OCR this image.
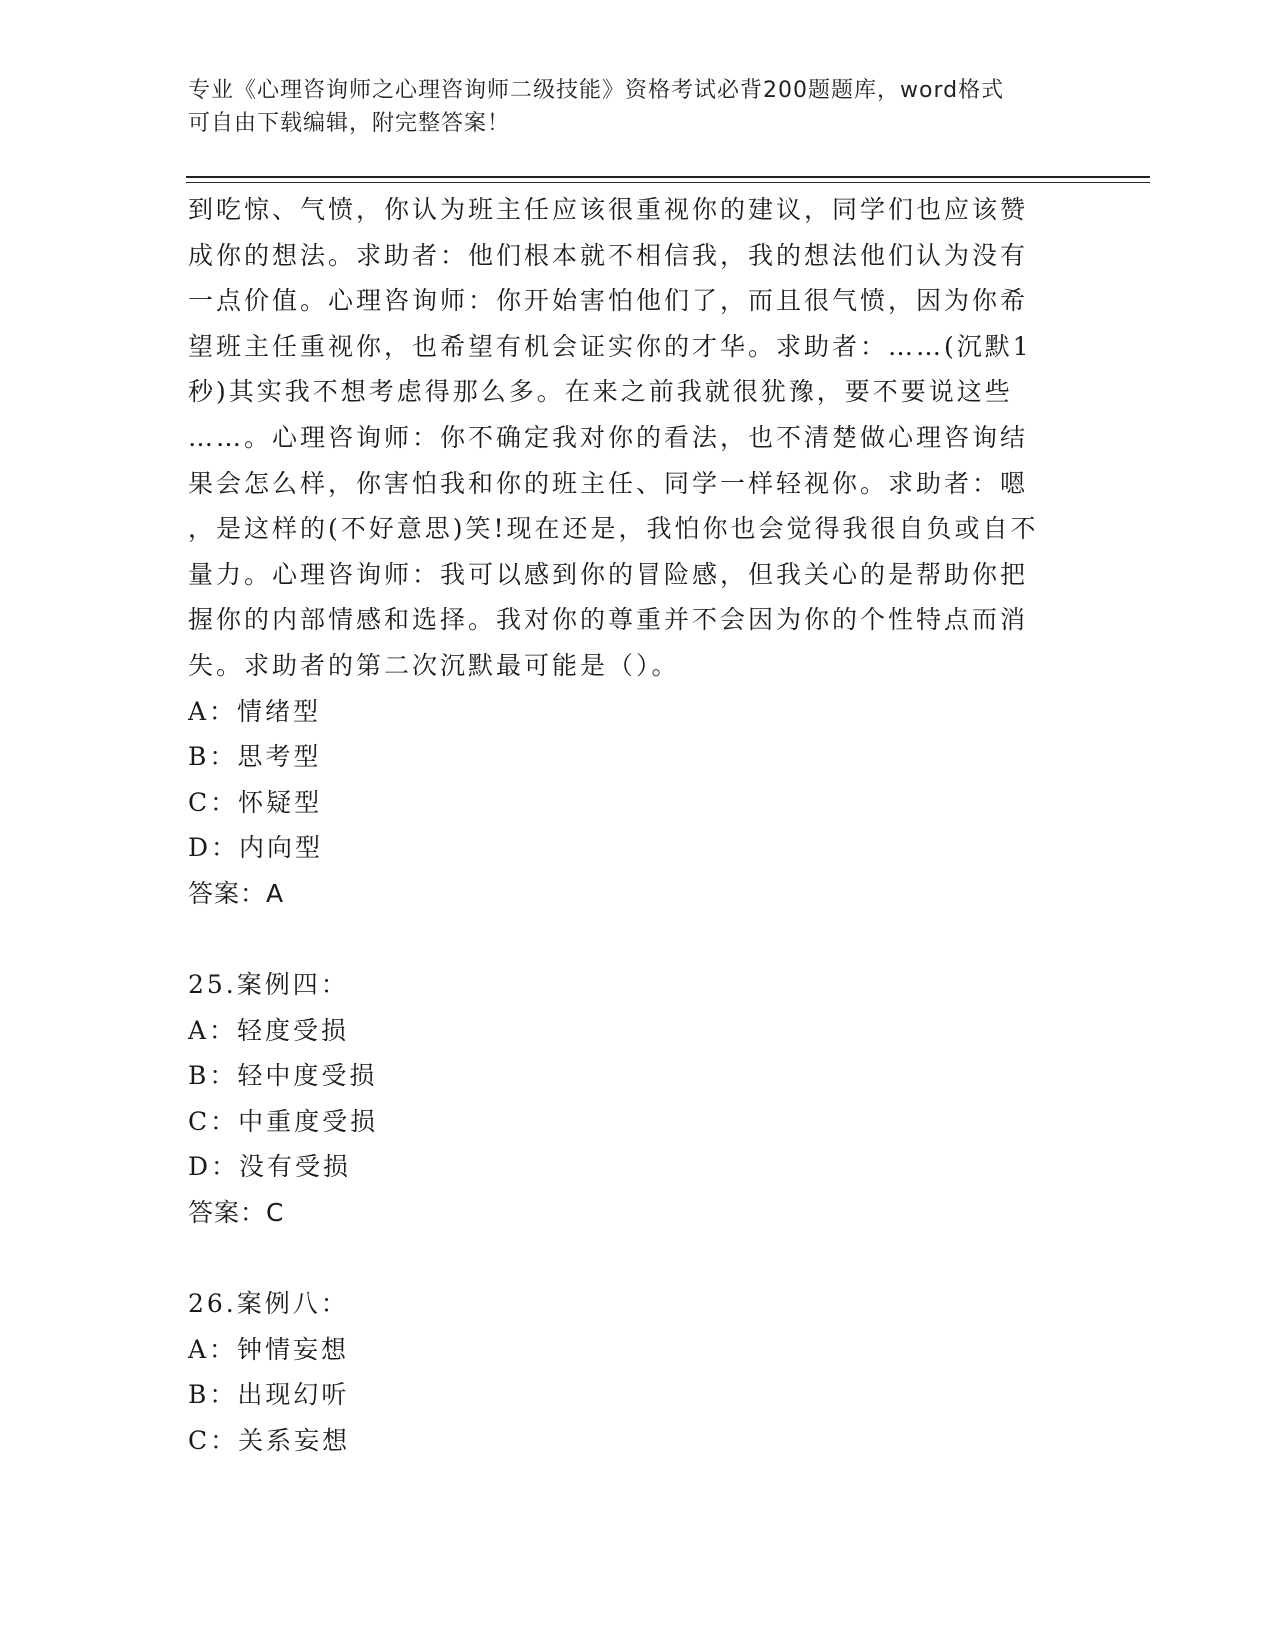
专业《心理咨询师之心理咨询师二级技能》资格考试必背200题题库，word格式
可自由下载编辑，附完整答案！
到吃惊、气愤，你认为班主任应该很重视你的建议，同学们也应该赞
成你的想法。求助者：他们根本就不相信我，我的想法他们认为没有
一点价值。心理咨询师：你开始害怕他们了，而且很气愤，因为你希
望班主任重视你，也希望有机会证实你的才华。求助者：……(沉默1
秒)其实我不想考虑得那么多。在来之前我就很犹豫，要不要说这些
……。心理咨询师：你不确定我对你的看法，也不清楚做心理咨询结
果会怎么样，你害怕我和你的班主任、同学一样轻视你。求助者：嗯
，是这样的(不好意思)笑!现在还是，我怕你也会觉得我很自负或自不
量力。心理咨询师：我可以感到你的冒险感，但我关心的是帮助你把
握你的内部情感和选择。我对你的尊重并不会因为你的个性特点而消
失。求助者的第二次沉默最可能是（）。
A：情绪型
B：思考型
C：怀疑型
D：内向型
答案：A
25.案例四：
A：轻度受损
B：轻中度受损
C：中重度受损
D：没有受损
答案：C
26.案例八：
A：钟情妄想
B：出现幻听
C：关系妄想
